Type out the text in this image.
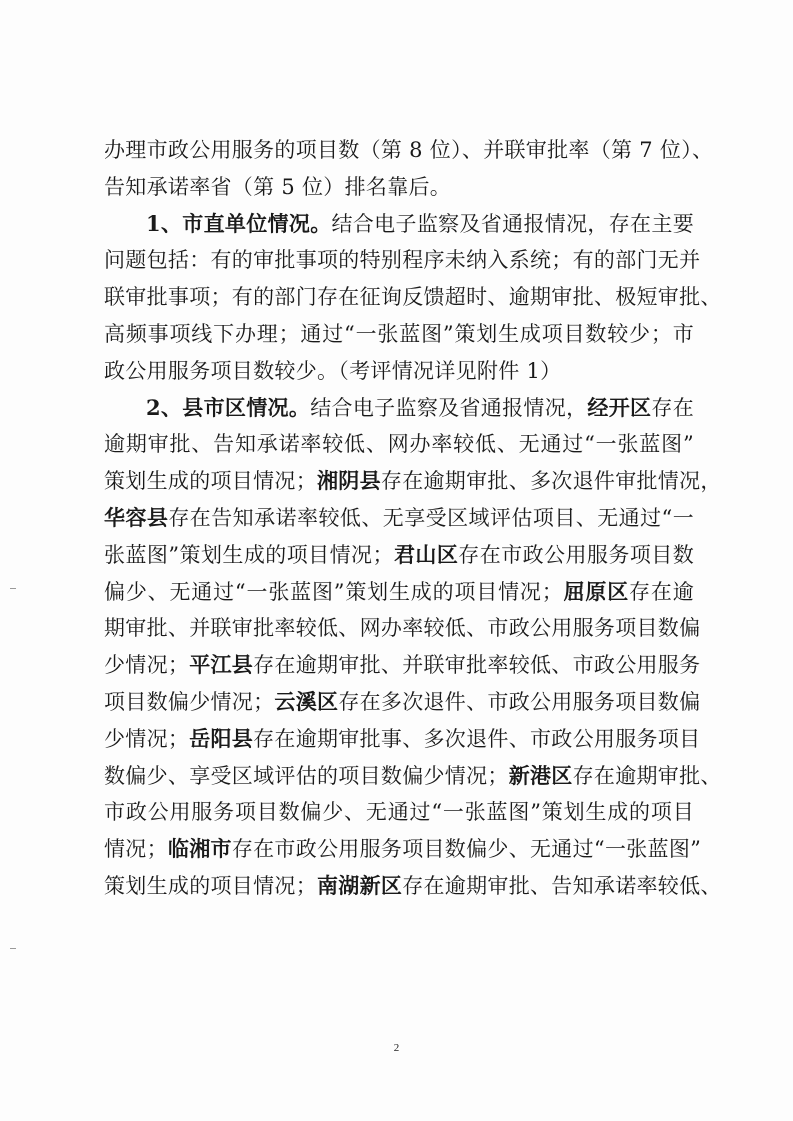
办理市政公用服务的项目数（第 8 位）、并联审批率（第 7 位）、
告知承诺率省（第 5 位）排名靠后。
1、市直单位情况。结合电子监察及省通报情况，存在主要
问题包括：有的审批事项的特别程序未纳入系统；有的部门无并
联审批事项；有的部门存在征询反馈超时、逾期审批、极短审批、
高频事项线下办理；通过“一张蓝图”策划生成项目数较少；市
政公用服务项目数较少。（考评情况详见附件 1）
2、县市区情况。结合电子监察及省通报情况，经开区存在
逾期审批、告知承诺率较低、网办率较低、无通过“一张蓝图”
策划生成的项目情况；湘阴县存在逾期审批、多次退件审批情况，
华容县存在告知承诺率较低、无享受区域评估项目、无通过“一
张蓝图”策划生成的项目情况；君山区存在市政公用服务项目数
偏少、无通过“一张蓝图”策划生成的项目情况；屈原区存在逾
期审批、并联审批率较低、网办率较低、市政公用服务项目数偏
少情况；平江县存在逾期审批、并联审批率较低、市政公用服务
项目数偏少情况；云溪区存在多次退件、市政公用服务项目数偏
少情况；岳阳县存在逾期审批事、多次退件、市政公用服务项目
数偏少、享受区域评估的项目数偏少情况；新港区存在逾期审批、
市政公用服务项目数偏少、无通过“一张蓝图”策划生成的项目
情况；临湘市存在市政公用服务项目数偏少、无通过“一张蓝图”
策划生成的项目情况；南湖新区存在逾期审批、告知承诺率较低、
2
